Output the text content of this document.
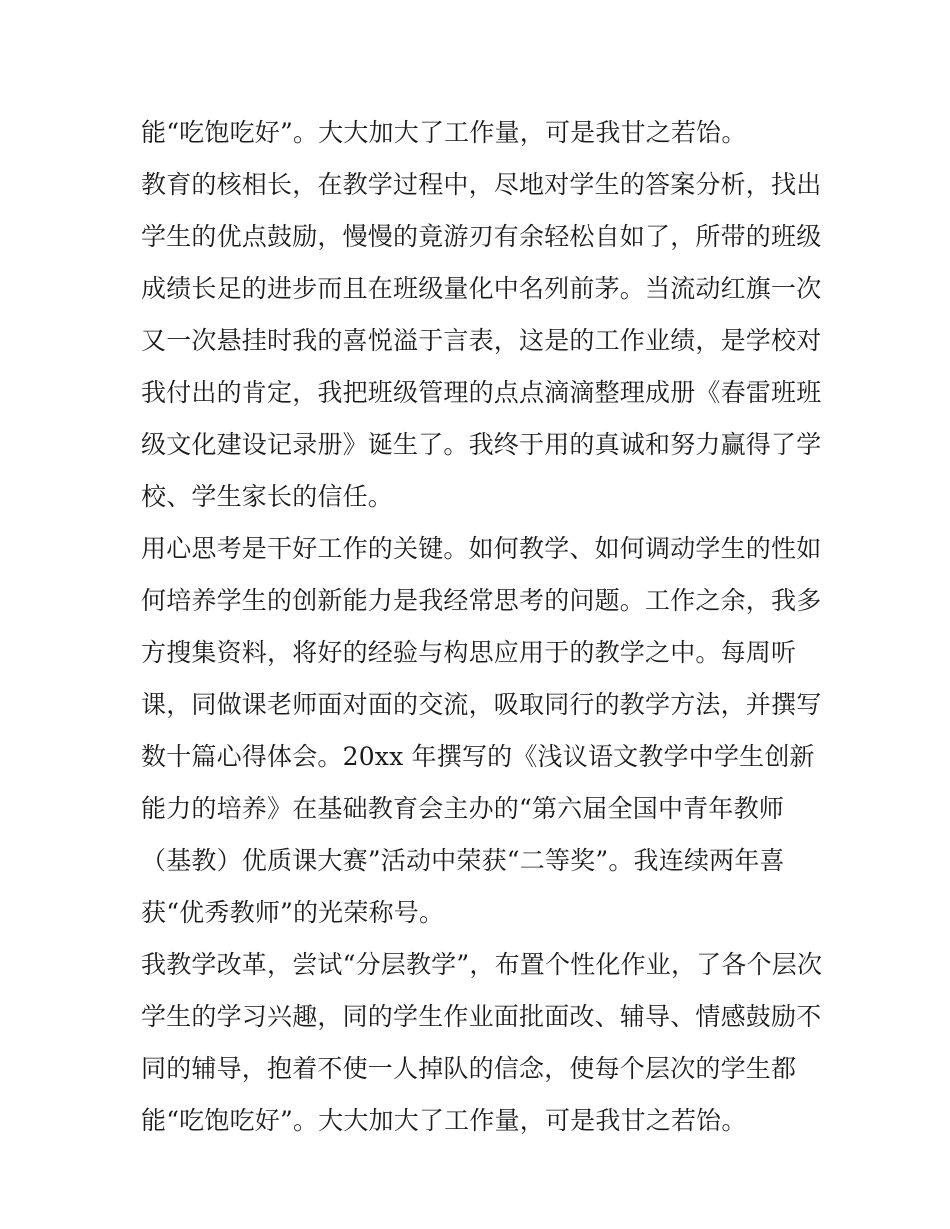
能“吃饱吃好”。大大加大了工作量，可是我甘之若饴。
教育的核相长，在教学过程中，尽地对学生的答案分析，找出
学生的优点鼓励，慢慢的竟游刃有余轻松自如了，所带的班级
成绩长足的进步而且在班级量化中名列前茅。当流动红旗一次
又一次悬挂时我的喜悦溢于言表，这是的工作业绩，是学校对
我付出的肯定，我把班级管理的点点滴滴整理成册《春雷班班
级文化建设记录册》诞生了。我终于用的真诚和努力赢得了学
校、学生家长的信任。
用心思考是干好工作的关键。如何教学、如何调动学生的性如
何培养学生的创新能力是我经常思考的问题。工作之余，我多
方搜集资料，将好的经验与构思应用于的教学之中。每周听
课，同做课老师面对面的交流，吸取同行的教学方法，并撰写
数十篇心得体会。20xx 年撰写的《浅议语文教学中学生创新
能力的培养》在基础教育会主办的“第六届全国中青年教师
（基教）优质课大赛”活动中荣获“二等奖”。我连续两年喜
获“优秀教师”的光荣称号。
我教学改革，尝试“分层教学”，布置个性化作业，了各个层次
学生的学习兴趣，同的学生作业面批面改、辅导、情感鼓励不
同的辅导，抱着不使一人掉队的信念，使每个层次的学生都
能“吃饱吃好”。大大加大了工作量，可是我甘之若饴。
